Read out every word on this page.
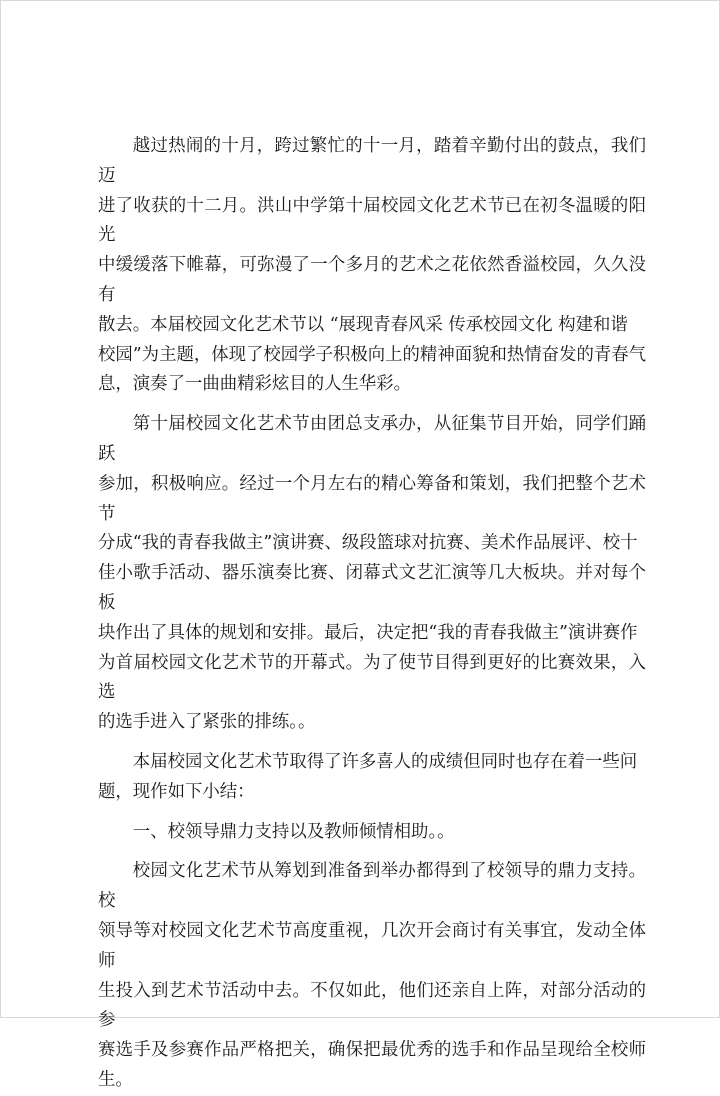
越过热闹的十月，跨过繁忙的十一月，踏着辛勤付出的鼓点，我们迈
进了收获的十二月。洪山中学第十届校园文化艺术节已在初冬温暖的阳光
中缓缓落下帷幕，可弥漫了一个多月的艺术之花依然香溢校园，久久没有
散去。本届校园文化艺术节以 “展现青春风采 传承校园文化 构建和谐
校园”为主题，体现了校园学子积极向上的精神面貌和热情奋发的青春气
息，演奏了一曲曲精彩炫目的人生华彩。

第十届校园文化艺术节由团总支承办，从征集节目开始，同学们踊跃
参加，积极响应。经过一个月左右的精心筹备和策划，我们把整个艺术节
分成“我的青春我做主”演讲赛、级段篮球对抗赛、美术作品展评、校十
佳小歌手活动、器乐演奏比赛、闭幕式文艺汇演等几大板块。并对每个板
块作出了具体的规划和安排。最后，决定把“我的青春我做主”演讲赛作
为首届校园文化艺术节的开幕式。为了使节目得到更好的比赛效果，入选
的选手进入了紧张的排练。。

本届校园文化艺术节取得了许多喜人的成绩但同时也存在着一些问
题，现作如下小结：

一、校领导鼎力支持以及教师倾情相助。。

校园文化艺术节从筹划到准备到举办都得到了校领导的鼎力支持。校
领导等对校园文化艺术节高度重视，几次开会商讨有关事宜，发动全体师
生投入到艺术节活动中去。不仅如此，他们还亲自上阵，对部分活动的参
赛选手及参赛作品严格把关，确保把最优秀的选手和作品呈现给全校师生。
